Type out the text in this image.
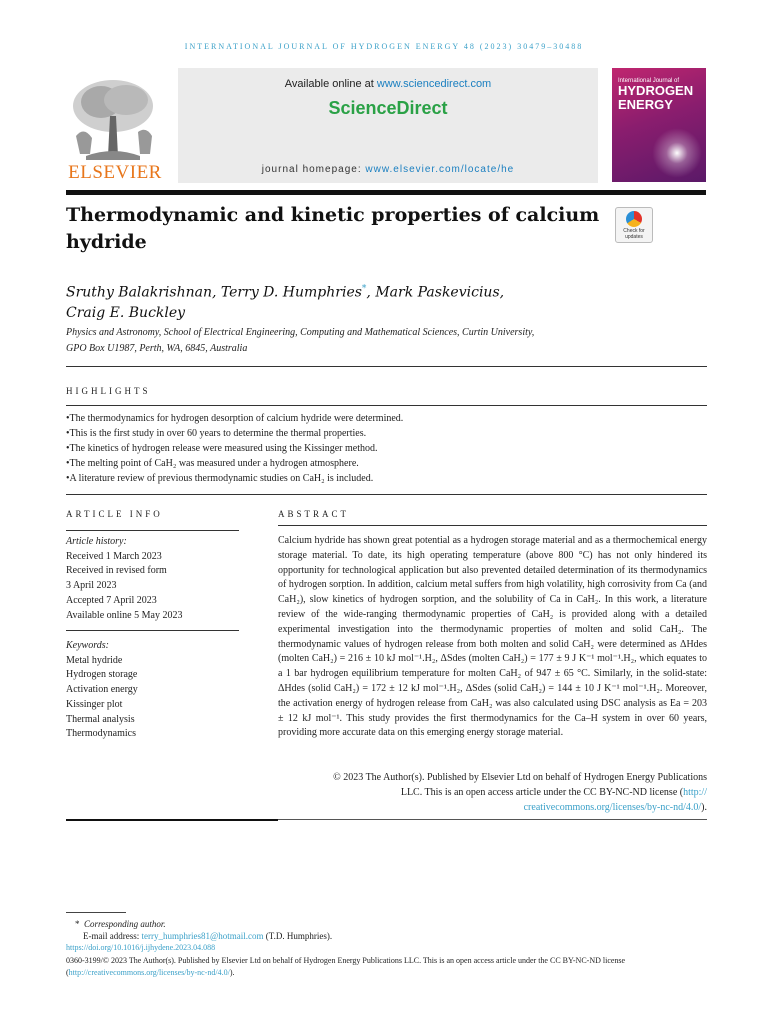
INTERNATIONAL JOURNAL OF HYDROGEN ENERGY 48 (2023) 30479–30488
ELSEVIER
Available online at www.sciencedirect.com
ScienceDirect
journal homepage: www.elsevier.com/locate/he
International Journal of
HYDROGEN
ENERGY
Thermodynamic and kinetic properties of calcium hydride	Check for
updates
Sruthy Balakrishnan, Terry D. Humphries*, Mark Paskevicius,
Craig E. Buckley
Physics and Astronomy, School of Electrical Engineering, Computing and Mathematical Sciences, Curtin University,
GPO Box U1987, Perth, WA, 6845, Australia
HIGHLIGHTS
• The thermodynamics for hydrogen desorption of calcium hydride were determined.
• This is the first study in over 60 years to determine the thermal properties.
• The kinetics of hydrogen release were measured using the Kissinger method.
• The melting point of CaH₂ was measured under a hydrogen atmosphere.
• A literature review of previous thermodynamic studies on CaH₂ is included.
ARTICLE INFO
Article history:
Received 1 March 2023
Received in revised form
3 April 2023
Accepted 7 April 2023
Available online 5 May 2023
Keywords:
Metal hydride
Hydrogen storage
Activation energy
Kissinger plot
Thermal analysis
Thermodynamics
ABSTRACT
Calcium hydride has shown great potential as a hydrogen storage material and as a thermochemical energy storage material. To date, its high operating temperature (above 800 °C) has not only hindered its opportunity for technological application but also prevented detailed determination of its thermodynamics of hydrogen sorption. In addition, calcium metal suffers from high volatility, high corrosivity from Ca (and CaH₂), slow kinetics of hydrogen sorption, and the solubility of Ca in CaH₂. In this work, a literature review of the wide-ranging thermodynamic properties of CaH₂ is provided along with a detailed experimental investigation into the thermodynamic properties of molten and solid CaH₂. The thermodynamic values of hydrogen release from both molten and solid CaH₂ were determined as ΔHdes (molten CaH₂) = 216 ± 10 kJ mol⁻¹.H₂, ΔSdes (molten CaH₂) = 177 ± 9 J K⁻¹ mol⁻¹.H₂, which equates to a 1 bar hydrogen equilibrium temperature for molten CaH₂ of 947 ± 65 °C. Similarly, in the solid-state: ΔHdes (solid CaH₂) = 172 ± 12 kJ mol⁻¹.H₂, ΔSdes (solid CaH₂) = 144 ± 10 J K⁻¹ mol⁻¹.H₂. Moreover, the activation energy of hydrogen release from CaH₂ was also calculated using DSC analysis as Ea = 203 ± 12 kJ mol⁻¹. This study provides the first thermodynamics for the Ca–H system in over 60 years, providing more accurate data on this emerging energy storage material.
© 2023 The Author(s). Published by Elsevier Ltd on behalf of Hydrogen Energy Publications
LLC. This is an open access article under the CC BY-NC-ND license (http://
creativecommons.org/licenses/by-nc-nd/4.0/).
* Corresponding author.
E-mail address: terry_humphries81@hotmail.com (T.D. Humphries).
https://doi.org/10.1016/j.ijhydene.2023.04.088
0360-3199/© 2023 The Author(s). Published by Elsevier Ltd on behalf of Hydrogen Energy Publications LLC. This is an open access article under the CC BY-NC-ND license (http://creativecommons.org/licenses/by-nc-nd/4.0/).
